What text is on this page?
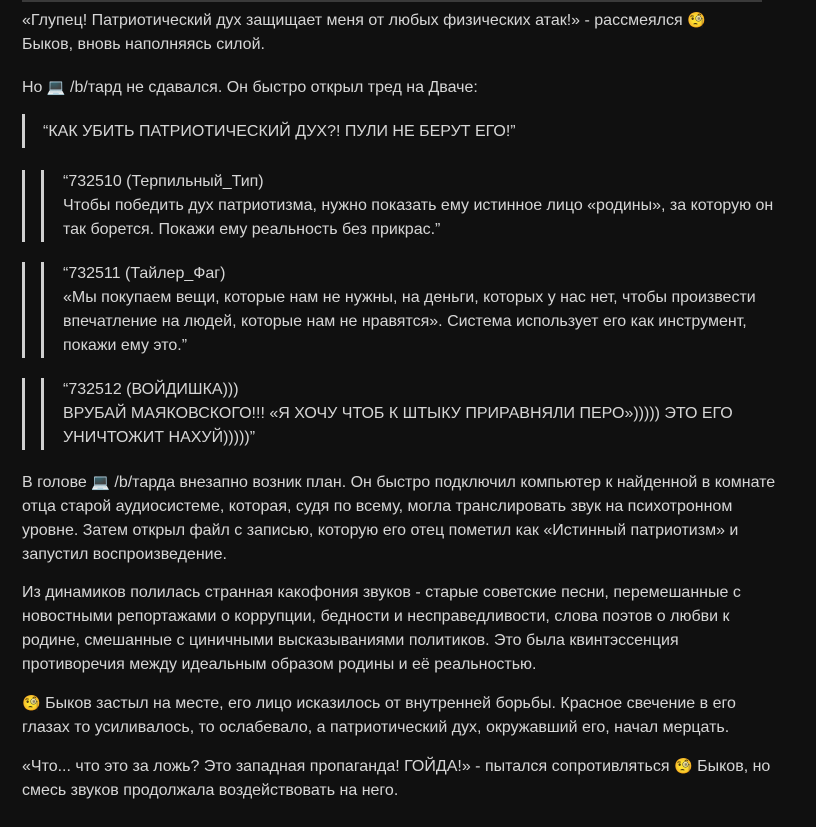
«Глупец! Патриотический дух защищает меня от любых физических атак!» - рассмеялся 🧐
Быков, вновь наполняясь силой.

Но 💻 /b/тард не сдавался. Он быстро открыл тред на Дваче:

“КАК УБИТЬ ПАТРИОТИЧЕСКИЙ ДУХ?! ПУЛИ НЕ БЕРУТ ЕГО!”

“732510 (Терпильный_Тип)

Чтобы победить дух патриотизма, нужно показать ему истинное лицо «родины», за которую он так борется. Покажи ему реальность без прикрас.”

“732511 (Тайлер_Фаг)

«Мы покупаем вещи, которые нам не нужны, на деньги, которых у нас нет, чтобы произвести впечатление на людей, которые нам не нравятся». Система использует его как инструмент, покажи ему это.”

“732512 (ВОЙДИШКА)))

ВРУБАЙ МАЯКОВСКОГО!!! «Я ХОЧУ ЧТОБ К ШТЫКУ ПРИРАВНЯЛИ ПЕРО»))))) ЭТО ЕГО УНИЧТОЖИТ НАХУЙ)))))”

В голове 💻 /b/тарда внезапно возник план. Он быстро подключил компьютер к найденной в комнате отца старой аудиосистеме, которая, судя по всему, могла транслировать звук на психотронном уровне. Затем открыл файл с записью, которую его отец пометил как «Истинный патриотизм» и запустил воспроизведение.

Из динамиков полилась странная какофония звуков - старые советские песни, перемешанные с новостными репортажами о коррупции, бедности и несправедливости, слова поэтов о любви к родине, смешанные с циничными высказываниями политиков. Это была квинтэссенция противоречия между идеальным образом родины и её реальностью.

🧐 Быков застыл на месте, его лицо исказилось от внутренней борьбы. Красное свечение в его глазах то усиливалось, то ослабевало, а патриотический дух, окружавший его, начал мерцать.

«Что... что это за ложь? Это западная пропаганда! ГОЙДА!» - пытался сопротивляться 🧐 Быков, но смесь звуков продолжала воздействовать на него.
